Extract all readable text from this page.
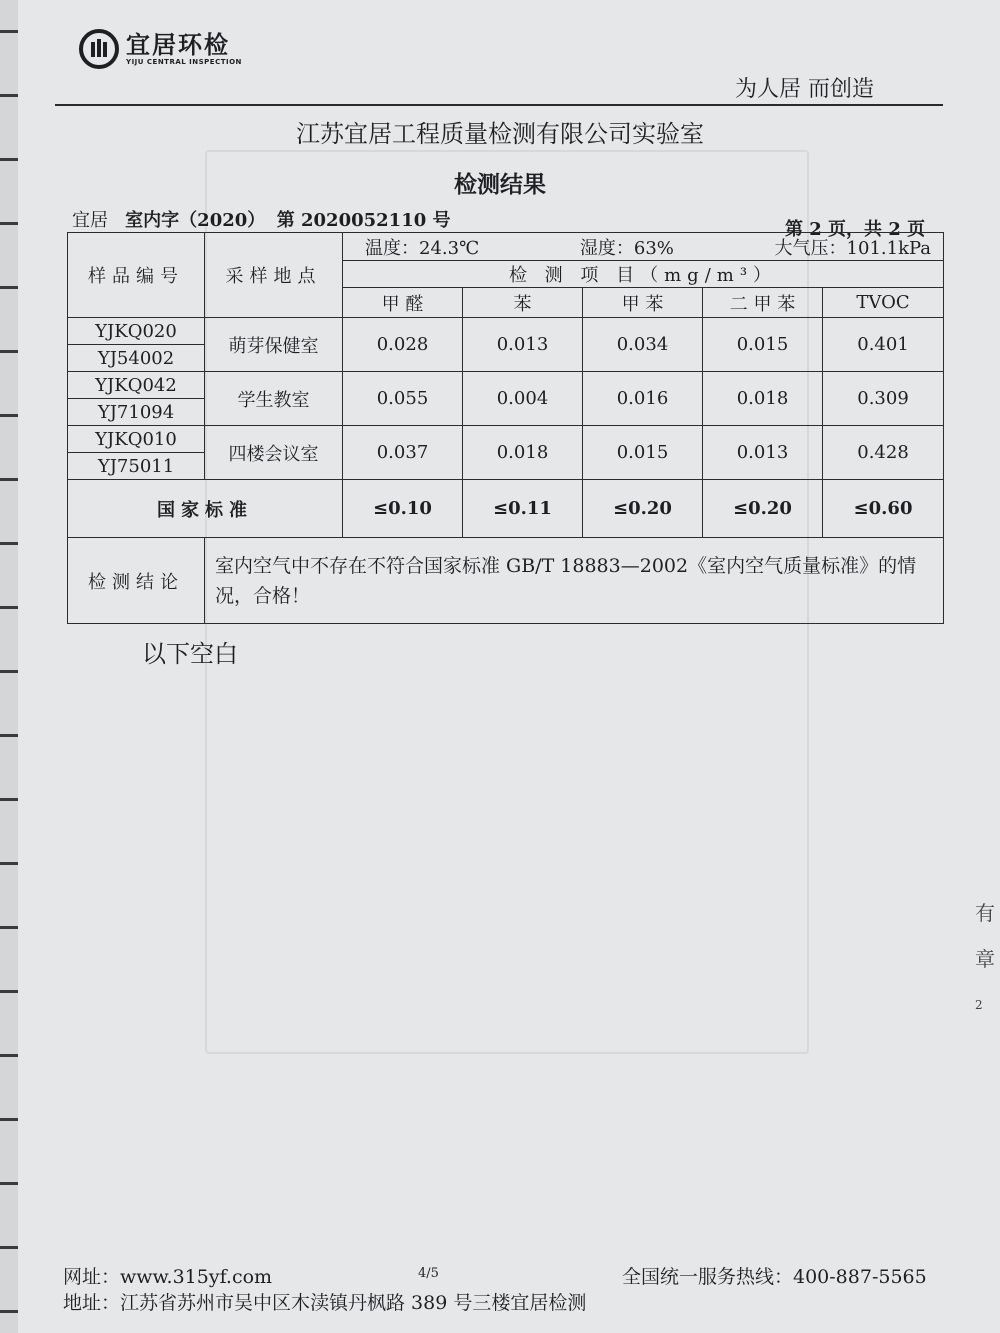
宜居环检
YIJU CENTRAL INSPECTION
为人居 而创造
江苏宜居工程质量检测有限公司实验室
检测结果
宜居 室内字（2020） 第 2020052110 号	第 2 页，共 2 页
样品编号	采样地点	温度：24.3℃ 湿度：63% 大气压：101.1kPa				

		检 测 项 目（mg/m³）				
		甲 醛	苯	甲 苯	二 甲 苯	TVOC
YJKQ020	萌芽保健室	0.028	0.013	0.034	0.015	0.401
YJ54002						
YJKQ042	学生教室	0.055	0.004	0.016	0.018	0.309
YJ71094						
YJKQ010	四楼会议室	0.037	0.018	0.015	0.013	0.428
YJ75011						
国家标准		≤0.10	≤0.11	≤0.20	≤0.20	≤0.60
检测结论	室内空气中不存在不符合国家标准 GB/T 18883—2002《室内空气质量标准》的情况，合格！					
以下空白
有
章
2
网址：www.315yf.com	4/5	全国统一服务热线：400-887-5565
地址：江苏省苏州市吴中区木渎镇丹枫路 389 号三楼宜居检测
